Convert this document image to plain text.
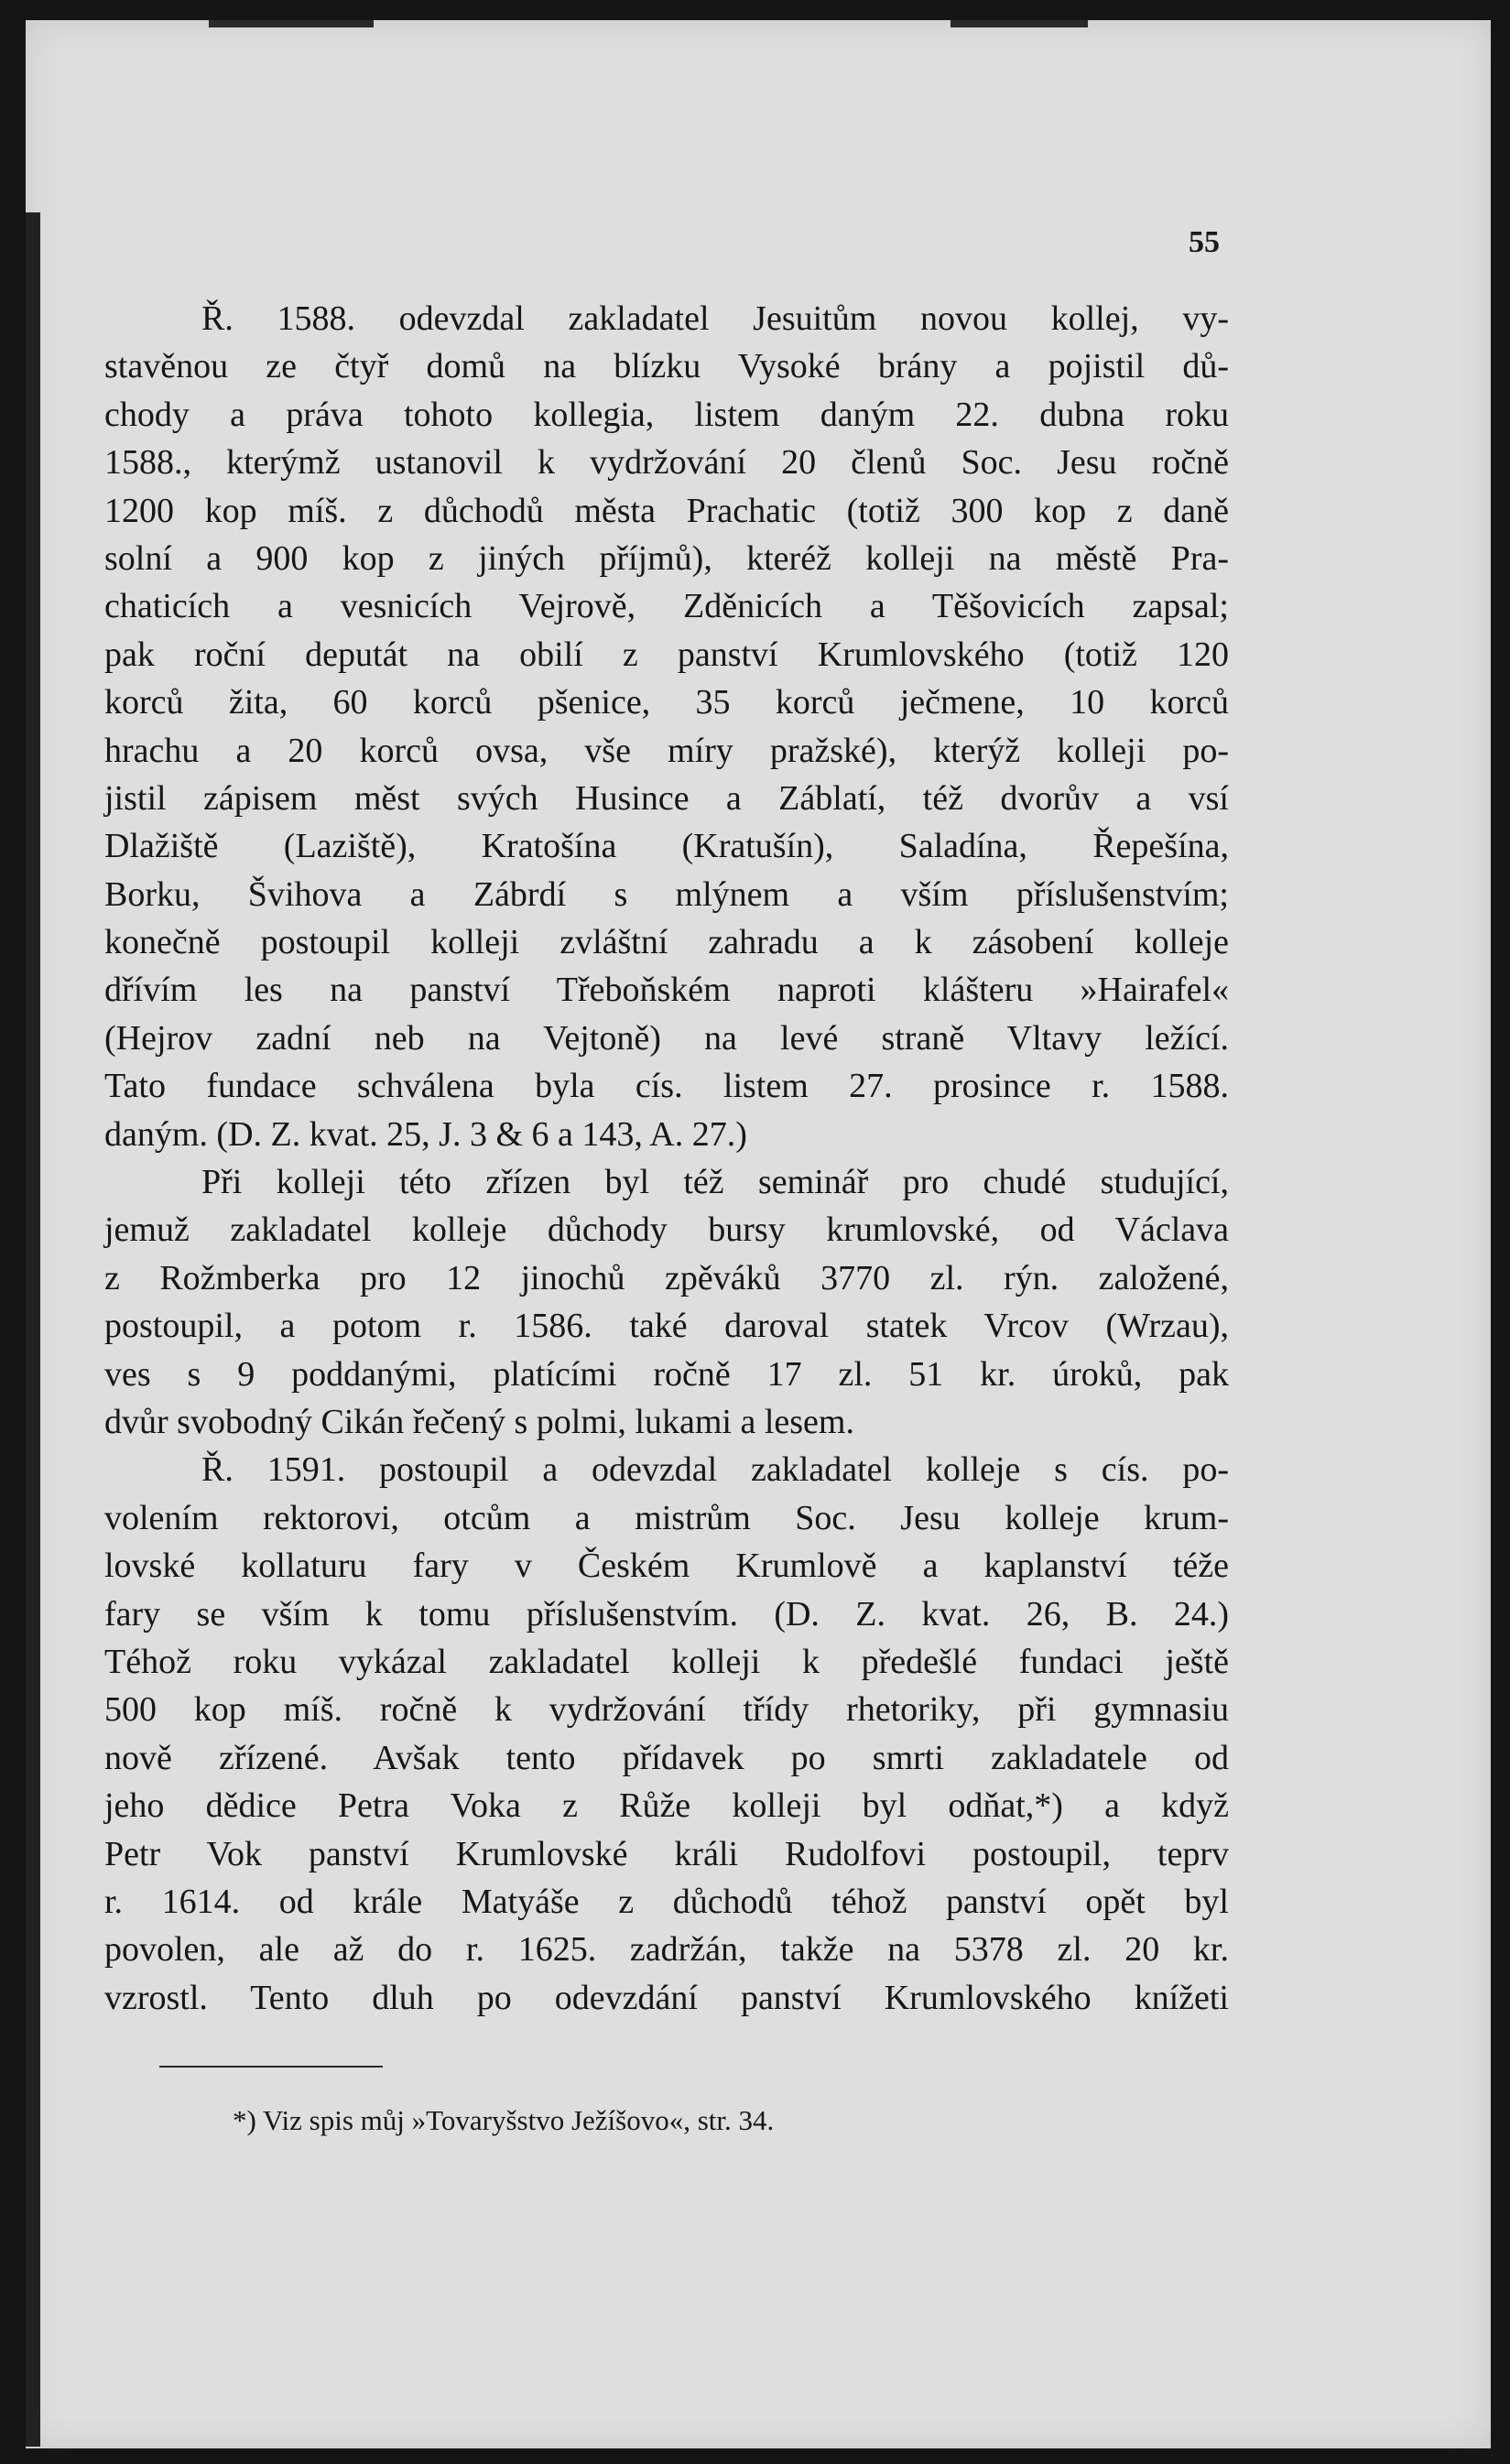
55

Ř. 1588. odevzdal zakladatel Jesuitům novou kollej, vy-
stavěnou ze čtyř domů na blízku Vysoké brány a pojistil dů-
chody a práva tohoto kollegia, listem daným 22. dubna roku
1588., kterýmž ustanovil k vydržování 20 členů Soc. Jesu ročně
1200 kop míš. z důchodů města Prachatic (totiž 300 kop z daně
solní a 900 kop z jiných příjmů), kteréž kolleji na městě Pra-
chaticích a vesnicích Vejrově, Zděnicích a Těšovicích zapsal;
pak roční deputát na obilí z panství Krumlovského (totiž 120
korců žita, 60 korců pšenice, 35 korců ječmene, 10 korců
hrachu a 20 korců ovsa, vše míry pražské), kterýž kolleji po-
jistil zápisem měst svých Husince a Záblatí, též dvorův a vsí
Dlažiště (Laziště), Kratošína (Kratušín), Saladína, Řepešína,
Borku, Švihova a Zábrdí s mlýnem a vším příslušenstvím;
konečně postoupil kolleji zvláštní zahradu a k zásobení kolleje
dřívím les na panství Třeboňském naproti klášteru »Hairafel«
(Hejrov zadní neb na Vejtoně) na levé straně Vltavy ležící.
Tato fundace schválena byla cís. listem 27. prosince r. 1588.
daným. (D. Z. kvat. 25, J. 3 & 6 a 143, A. 27.)
Při kolleji této zřízen byl též seminář pro chudé studující,
jemuž zakladatel kolleje důchody bursy krumlovské, od Václava
z Rožmberka pro 12 jinochů zpěváků 3770 zl. rýn. založené,
postoupil, a potom r. 1586. také daroval statek Vrcov (Wrzau),
ves s 9 poddanými, platícími ročně 17 zl. 51 kr. úroků, pak
dvůr svobodný Cikán řečený s polmi, lukami a lesem.
Ř. 1591. postoupil a odevzdal zakladatel kolleje s cís. po-
volením rektorovi, otcům a mistrům Soc. Jesu kolleje krum-
lovské kollaturu fary v Českém Krumlově a kaplanství téže
fary se vším k tomu příslušenstvím. (D. Z. kvat. 26, B. 24.)
Téhož roku vykázal zakladatel kolleji k předešlé fundaci ještě
500 kop míš. ročně k vydržování třídy rhetoriky, při gymnasiu
nově zřízené. Avšak tento přídavek po smrti zakladatele od
jeho dědice Petra Voka z Růže kolleji byl odňat,*) a když
Petr Vok panství Krumlovské králi Rudolfovi postoupil, teprv
r. 1614. od krále Matyáše z důchodů téhož panství opět byl
povolen, ale až do r. 1625. zadržán, takže na 5378 zl. 20 kr.
vzrostl. Tento dluh po odevzdání panství Krumlovského knížeti

*) Viz spis můj »Tovaryšstvo Ježíšovo«, str. 34.
